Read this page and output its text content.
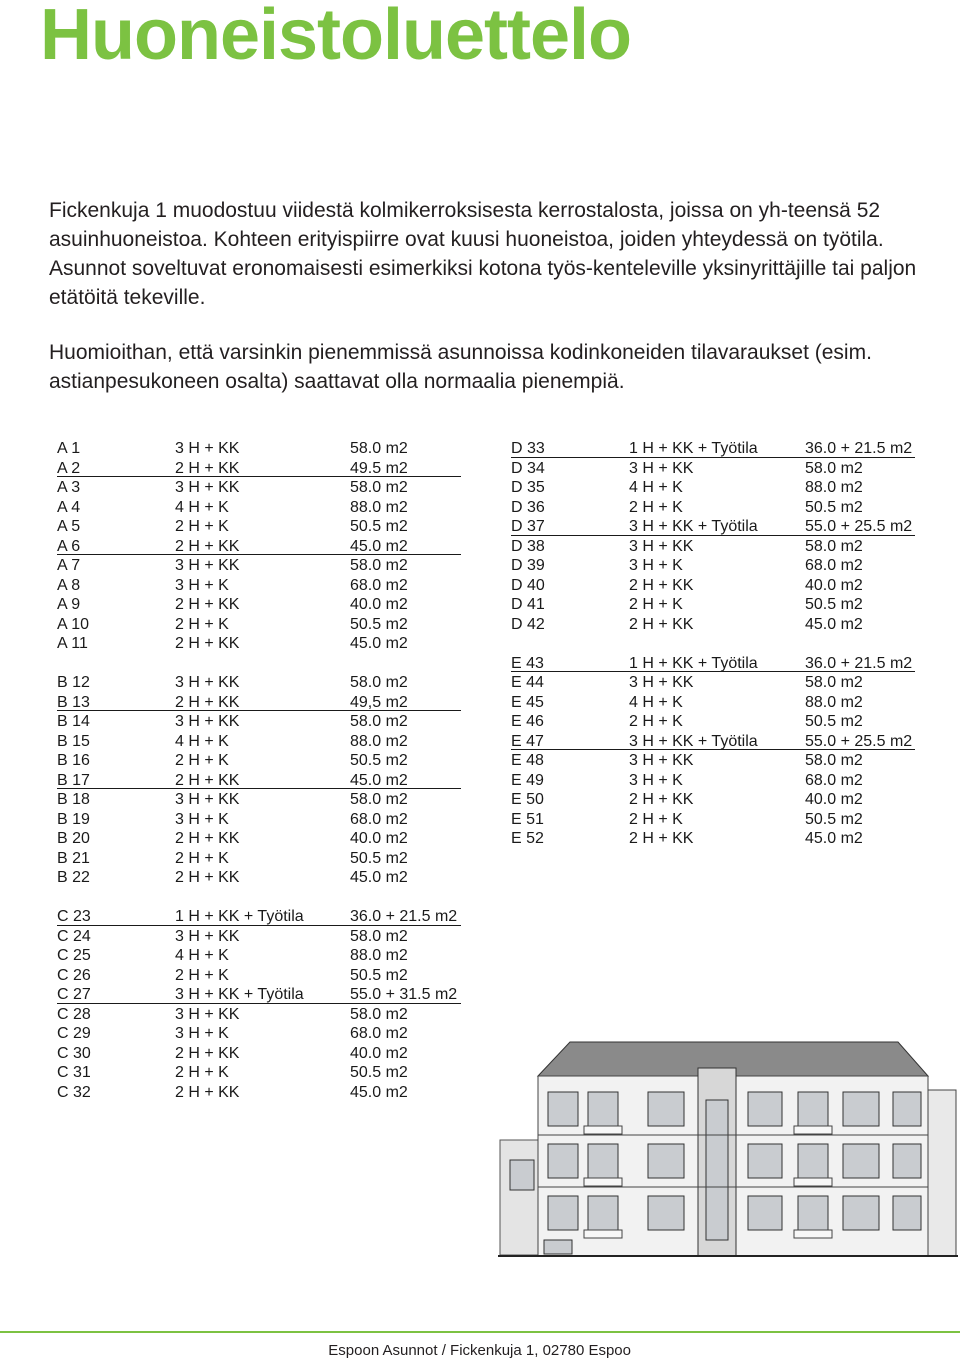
Huoneistoluettelo

Fickenkuja 1 muodostuu viidestä kolmikerroksisesta kerrostalosta, joissa on yh-teensä 52 asuinhuoneistoa. Kohteen erityispiirre ovat kuusi huoneistoa, joiden yhteydessä on työtila. Asunnot soveltuvat eronomaisesti esimerkiksi kotona työs-kenteleville yksinyrittäjille tai paljon etätöitä tekeville.

Huomioithan, että varsinkin pienemmissä asunnoissa kodinkoneiden tilavaraukset (esim. astianpesukoneen osalta) saattavat olla normaalia pienempiä.

A 1	3 H + KK	58.0 m2
A 2	2 H + KK	49.5 m2
A 3	3 H + KK	58.0 m2
A 4	4 H + K	88.0 m2
A 5	2 H + K	50.5 m2
A 6	2 H + KK	45.0 m2
A 7	3 H + KK	58.0 m2
A 8	3 H + K	68.0 m2
A 9	2 H + KK	40.0 m2
A 10	2 H + K	50.5 m2
A 11	2 H + KK	45.0 m2
B 12	3 H + KK	58.0 m2
B 13	2 H + KK	49,5 m2
B 14	3 H + KK	58.0 m2
B 15	4 H + K	88.0 m2
B 16	2 H + K	50.5 m2
B 17	2 H + KK	45.0 m2
B 18	3 H + KK	58.0 m2
B 19	3 H + K	68.0 m2
B 20	2 H + KK	40.0 m2
B 21	2 H + K	50.5 m2
B 22	2 H + KK	45.0 m2
C 23	1 H + KK + Työtila	36.0 + 21.5 m2
C 24	3 H + KK	58.0 m2
C 25	4 H + K	88.0 m2
C 26	2 H + K	50.5 m2
C 27	3 H + KK + Työtila	55.0 + 31.5 m2
C 28	3 H + KK	58.0 m2
C 29	3 H + K	68.0 m2
C 30	2 H + KK	40.0 m2
C 31	2 H + K	50.5 m2
C 32	2 H + KK	45.0 m2
D 33	1 H + KK + Työtila	36.0 + 21.5 m2
D 34	3 H + KK	58.0 m2
D 35	4 H + K	88.0 m2
D 36	2 H + K	50.5 m2
D 37	3 H + KK + Työtila	55.0 + 25.5 m2
D 38	3 H + KK	58.0 m2
D 39	3 H + K	68.0 m2
D 40	2 H + KK	40.0 m2
D 41	2 H + K	50.5 m2
D 42	2 H + KK	45.0 m2
E 43	1 H + KK + Työtila	36.0 + 21.5 m2
E 44	3 H + KK	58.0 m2
E 45	4 H + K	88.0 m2
E 46	2 H + K	50.5 m2
E 47	3 H + KK + Työtila	55.0 + 25.5 m2
E 48	3 H + KK	58.0 m2
E 49	3 H + K	68.0 m2
E 50	2 H + KK	40.0 m2
E 51	2 H + K	50.5 m2
E 52	2 H + KK	45.0 m2
Espoon Asunnot / Fickenkuja 1, 02780 Espoo
